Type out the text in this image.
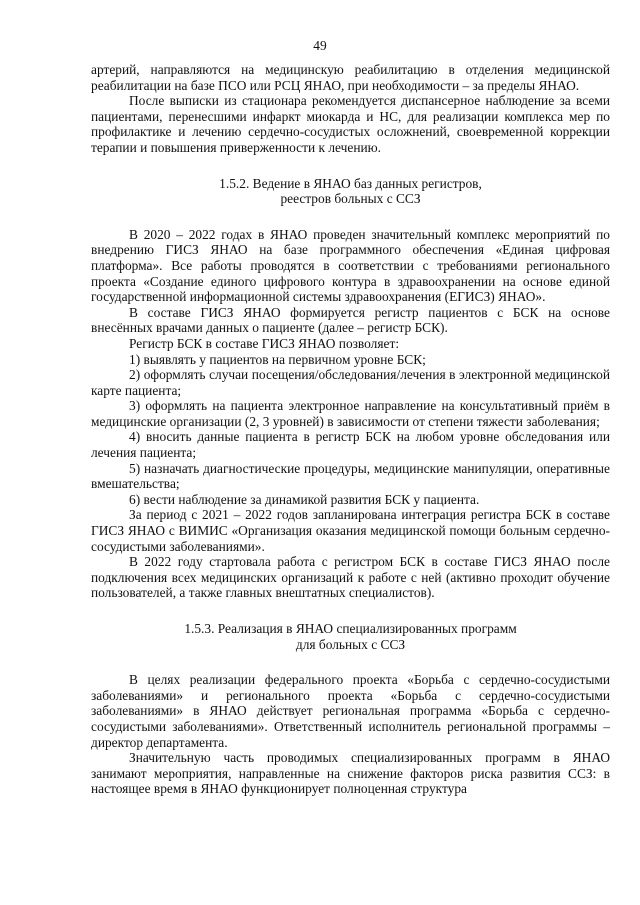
49

артерий, направляются на медицинскую реабилитацию в отделения медицинской реабилитации на базе ПСО или РСЦ ЯНАО, при необходимости – за пределы ЯНАО.

После выписки из стационара рекомендуется диспансерное наблюдение за всеми пациентами, перенесшими инфаркт миокарда и НС, для реализации комплекса мер по профилактике и лечению сердечно-сосудистых осложнений, своевременной коррекции терапии и повышения приверженности к лечению.

1.5.2. Ведение в ЯНАО баз данных регистров,
реестров больных с ССЗ

В 2020 – 2022 годах в ЯНАО проведен значительный комплекс мероприятий по внедрению ГИСЗ ЯНАО на базе программного обеспечения «Единая цифровая платформа». Все работы проводятся в соответствии с требованиями регионального проекта «Создание единого цифрового контура в здравоохранении на основе единой государственной информационной системы здравоохранения (ЕГИСЗ) ЯНАО».

В составе ГИСЗ ЯНАО формируется регистр пациентов с БСК на основе внесённых врачами данных о пациенте (далее – регистр БСК).

Регистр БСК в составе ГИСЗ ЯНАО позволяет:

1) выявлять у пациентов на первичном уровне БСК;

2) оформлять случаи посещения/обследования/лечения в электронной медицинской карте пациента;

3) оформлять на пациента электронное направление на консультативный приём в медицинские организации (2, 3 уровней) в зависимости от степени тяжести заболевания;

4) вносить данные пациента в регистр БСК на любом уровне обследования или лечения пациента;

5) назначать диагностические процедуры, медицинские манипуляции, оперативные вмешательства;

6) вести наблюдение за динамикой развития БСК у пациента.

За период с 2021 – 2022 годов запланирована интеграция регистра БСК в составе ГИСЗ ЯНАО с ВИМИС «Организация оказания медицинской помощи больным сердечно-сосудистыми заболеваниями».

В 2022 году стартовала работа с регистром БСК в составе ГИСЗ ЯНАО после подключения всех медицинских организаций к работе с ней (активно проходит обучение пользователей, а также главных внештатных специалистов).

1.5.3. Реализация в ЯНАО специализированных программ
для больных с ССЗ

В целях реализации федерального проекта «Борьба с сердечно-сосудистыми заболеваниями» и регионального проекта «Борьба с сердечно-сосудистыми заболеваниями» в ЯНАО действует региональная программа «Борьба с сердечно-сосудистыми заболеваниями». Ответственный исполнитель региональной программы – директор департамента.

Значительную часть проводимых специализированных программ в ЯНАО занимают мероприятия, направленные на снижение факторов риска развития ССЗ: в настоящее время в ЯНАО функционирует полноценная структура
